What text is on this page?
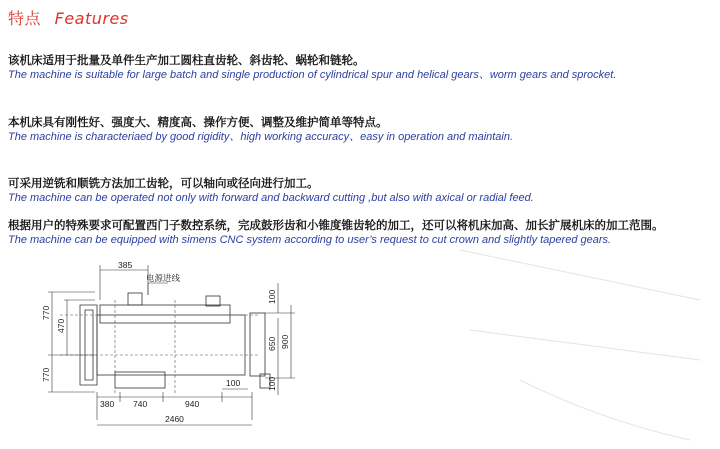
特点 Features
该机床适用于批量及单件生产加工圆柱直齿轮、斜齿轮、蜗轮和链轮。
The machine is suitable for large batch and single production of cylindrical spur and helical gears、worm gears and sprocket.
本机床具有刚性好、强度大、精度高、操作方便、调整及维护简单等特点。
The machine is characteriaed by good rigidity、high working accuracy、easy in operation and maintain.
可采用逆铣和顺铣方法加工齿轮，可以轴向或径向进行加工。
The machine can be operated not only with forward and backward cutting ,but also with axical or radial feed.
根据用户的特殊要求可配置西门子数控系统，完成鼓形齿和小锥度锥齿轮的加工，还可以将机床加高、加长扩展机床的加工范围。
The machine can be equipped with simens CNC system according to user’s request to cut crown and slightly tapered gears.
385
电源进线
770
470
770
100
650 900
100
100
380 740	940
2460
